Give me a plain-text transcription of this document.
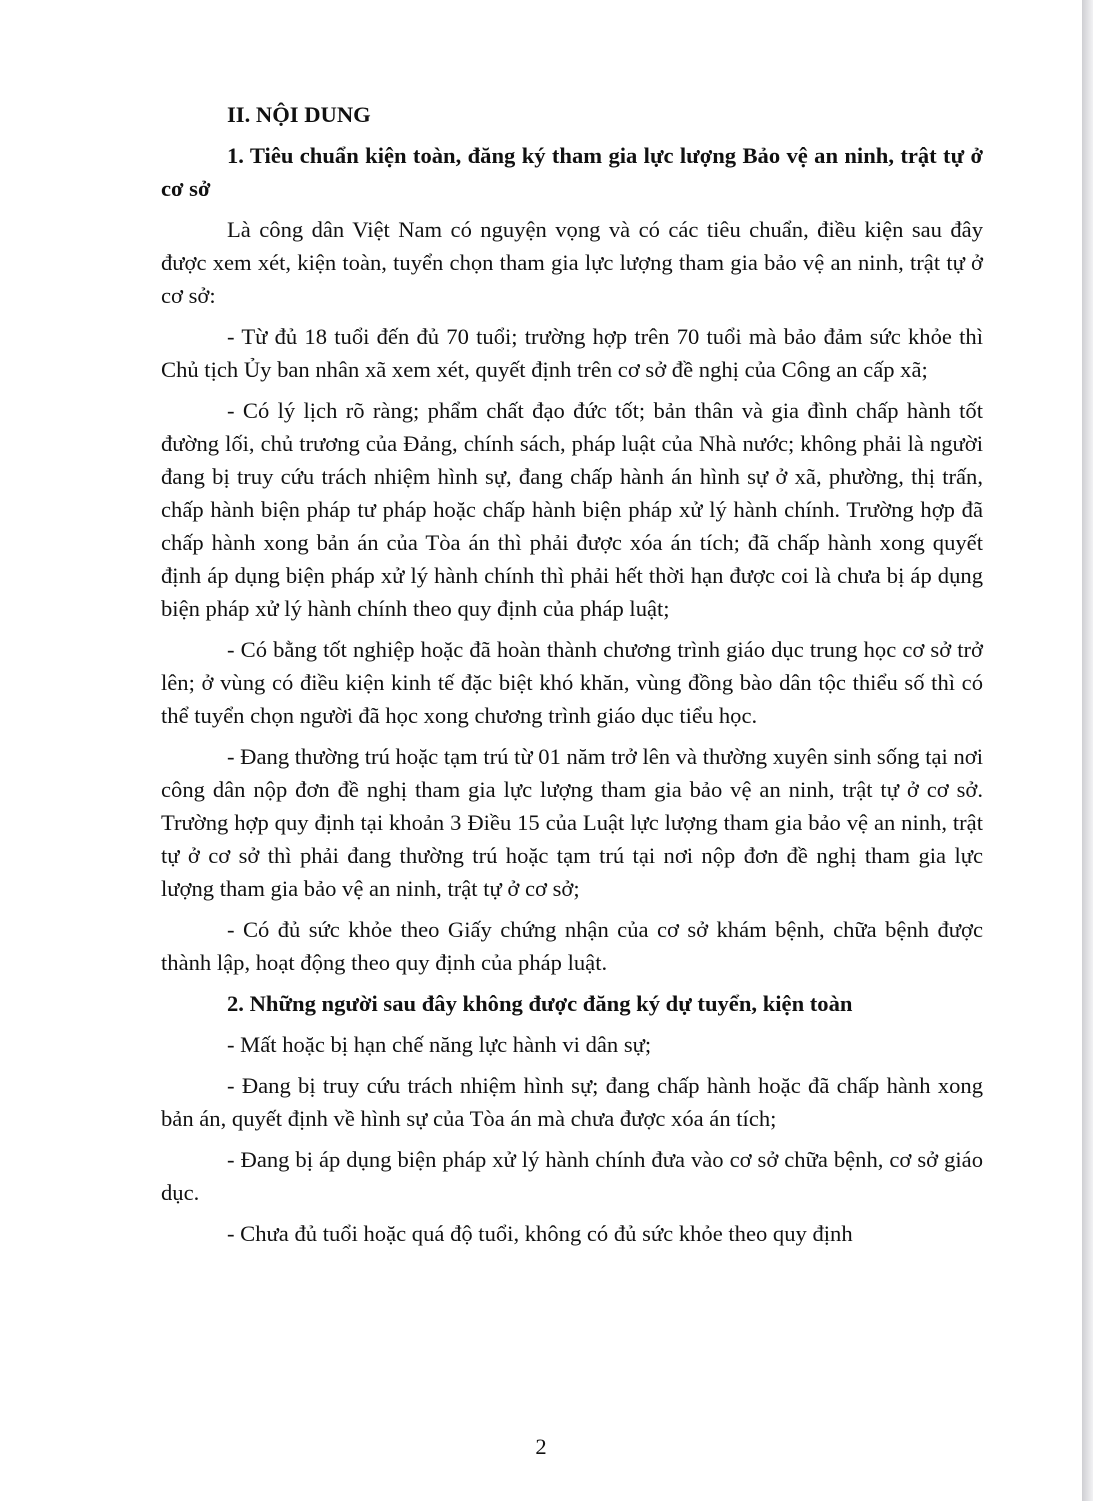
II. NỘI DUNG

1. Tiêu chuẩn kiện toàn, đăng ký tham gia lực lượng Bảo vệ an ninh, trật tự ở cơ sở

Là công dân Việt Nam có nguyện vọng và có các tiêu chuẩn, điều kiện sau đây được xem xét, kiện toàn, tuyển chọn tham gia lực lượng tham gia bảo vệ an ninh, trật tự ở cơ sở:

- Từ đủ 18 tuổi đến đủ 70 tuổi; trường hợp trên 70 tuổi mà bảo đảm sức khỏe thì Chủ tịch Ủy ban nhân xã xem xét, quyết định trên cơ sở đề nghị của Công an cấp xã;

- Có lý lịch rõ ràng; phẩm chất đạo đức tốt; bản thân và gia đình chấp hành tốt đường lối, chủ trương của Đảng, chính sách, pháp luật của Nhà nước; không phải là người đang bị truy cứu trách nhiệm hình sự, đang chấp hành án hình sự ở xã, phường, thị trấn, chấp hành biện pháp tư pháp hoặc chấp hành biện pháp xử lý hành chính. Trường hợp đã chấp hành xong bản án của Tòa án thì phải được xóa án tích; đã chấp hành xong quyết định áp dụng biện pháp xử lý hành chính thì phải hết thời hạn được coi là chưa bị áp dụng biện pháp xử lý hành chính theo quy định của pháp luật;

- Có bằng tốt nghiệp hoặc đã hoàn thành chương trình giáo dục trung học cơ sở trở lên; ở vùng có điều kiện kinh tế đặc biệt khó khăn, vùng đồng bào dân tộc thiểu số thì có thể tuyển chọn người đã học xong chương trình giáo dục tiểu học.

- Đang thường trú hoặc tạm trú từ 01 năm trở lên và thường xuyên sinh sống tại nơi công dân nộp đơn đề nghị tham gia lực lượng tham gia bảo vệ an ninh, trật tự ở cơ sở. Trường hợp quy định tại khoản 3 Điều 15 của Luật lực lượng tham gia bảo vệ an ninh, trật tự ở cơ sở thì phải đang thường trú hoặc tạm trú tại nơi nộp đơn đề nghị tham gia lực lượng tham gia bảo vệ an ninh, trật tự ở cơ sở;

- Có đủ sức khỏe theo Giấy chứng nhận của cơ sở khám bệnh, chữa bệnh được thành lập, hoạt động theo quy định của pháp luật.

2. Những người sau đây không được đăng ký dự tuyển, kiện toàn

- Mất hoặc bị hạn chế năng lực hành vi dân sự;

- Đang bị truy cứu trách nhiệm hình sự; đang chấp hành hoặc đã chấp hành xong bản án, quyết định về hình sự của Tòa án mà chưa được xóa án tích;

- Đang bị áp dụng biện pháp xử lý hành chính đưa vào cơ sở chữa bệnh, cơ sở giáo dục.

- Chưa đủ tuổi hoặc quá độ tuổi, không có đủ sức khỏe theo quy định

2
